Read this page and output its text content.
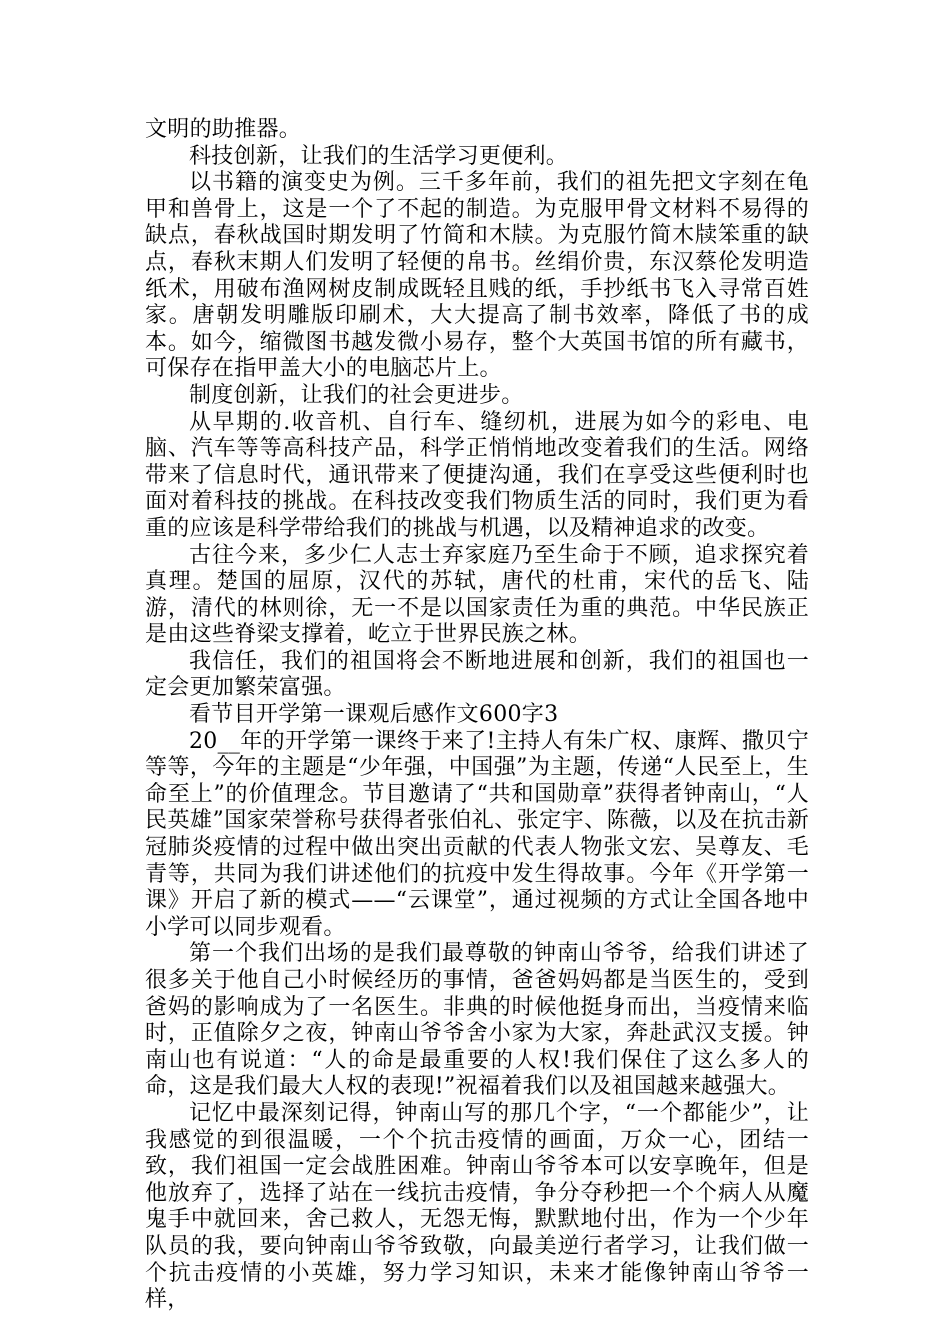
文明的助推器。

科技创新，让我们的生活学习更便利。

以书籍的演变史为例。三千多年前，我们的祖先把文字刻在龟甲和兽骨上，这是一个了不起的制造。为克服甲骨文材料不易得的缺点，春秋战国时期发明了竹简和木牍。为克服竹简木牍笨重的缺点，春秋末期人们发明了轻便的帛书。丝绢价贵，东汉蔡伦发明造纸术，用破布渔网树皮制成既轻且贱的纸，手抄纸书飞入寻常百姓家。唐朝发明雕版印刷术，大大提高了制书效率，降低了书的成本。如今，缩微图书越发微小易存，整个大英国书馆的所有藏书，可保存在指甲盖大小的电脑芯片上。

制度创新，让我们的社会更进步。

从早期的.收音机、自行车、缝纫机，进展为如今的彩电、电脑、汽车等等高科技产品，科学正悄悄地改变着我们的生活。网络带来了信息时代，通讯带来了便捷沟通，我们在享受这些便利时也面对着科技的挑战。在科技改变我们物质生活的同时，我们更为看重的应该是科学带给我们的挑战与机遇，以及精神追求的改变。

古往今来，多少仁人志士弃家庭乃至生命于不顾，追求探究着真理。楚国的屈原，汉代的苏轼，唐代的杜甫，宋代的岳飞、陆游，清代的林则徐，无一不是以国家责任为重的典范。中华民族正是由这些脊梁支撑着，屹立于世界民族之林。

我信任，我们的祖国将会不断地进展和创新，我们的祖国也一定会更加繁荣富强。

看节目开学第一课观后感作文600字3

20__年的开学第一课终于来了!主持人有朱广权、康辉、撒贝宁等等，今年的主题是“少年强，中国强”为主题，传递“人民至上，生命至上”的价值理念。节目邀请了“共和国勋章”获得者钟南山，“人民英雄”国家荣誉称号获得者张伯礼、张定宇、陈薇，以及在抗击新冠肺炎疫情的过程中做出突出贡献的代表人物张文宏、吴尊友、毛青等，共同为我们讲述他们的抗疫中发生得故事。今年《开学第一课》开启了新的模式——“云课堂”，通过视频的方式让全国各地中小学可以同步观看。

第一个我们出场的是我们最尊敬的钟南山爷爷，给我们讲述了很多关于他自己小时候经历的事情，爸爸妈妈都是当医生的，受到爸妈的影响成为了一名医生。非典的时候他挺身而出，当疫情来临时，正值除夕之夜，钟南山爷爷舍小家为大家，奔赴武汉支援。钟南山也有说道：“人的命是最重要的人权!我们保住了这么多人的命，这是我们最大人权的表现!”祝福着我们以及祖国越来越强大。

记忆中最深刻记得，钟南山写的那几个字，“一个都能少”，让我感觉的到很温暖，一个个抗击疫情的画面，万众一心，团结一致，我们祖国一定会战胜困难。钟南山爷爷本可以安享晚年，但是他放弃了，选择了站在一线抗击疫情，争分夺秒把一个个病人从魔鬼手中就回来，舍己救人，无怨无悔，默默地付出，作为一个少年队员的我，要向钟南山爷爷致敬，向最美逆行者学习，让我们做一个抗击疫情的小英雄，努力学习知识，未来才能像钟南山爷爷一样，
